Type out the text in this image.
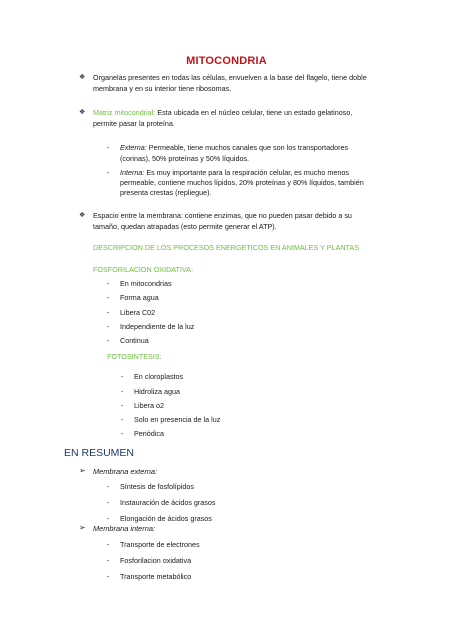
MITOCONDRIA
❖ Organelas presentes en todas las células, envuelven a la base del flagelo, tiene doble
membrana y en su interior tiene ribosomas.
❖ Matriz mitocondrial: Esta ubicada en el núcleo celular, tiene un estado gelatinoso,
permite pasar la proteína.
- Externa: Permeable, tiene muchos canales que son los transportadores
(corinas), 50% proteínas y 50% líquidos.
- Interna: Es muy importante para la respiración celular, es mucho menos
permeable, contiene muchos lípidos, 20% proteínas y 80% líquidos, también
presenta crestas (repliegue).
❖ Espacio entre la membrana: contiene enzimas, que no pueden pasar debido a su
tamaño, quedan atrapadas (esto permite generar el ATP).
DESCRIPCION DE LOS PROCESOS ENERGETICOS EN ANIMALES Y PLANTAS
FOSFORILACION OXIDATIVA:
- En mitocondrias
- Forma agua
- Libera C02
- Independiente de la luz
- Continua
FOTOSINTESIS:
- En cloroplastos
- Hidroliza agua
- Libera o2
- Solo en presencia de la luz
- Periódica
EN RESUMEN
➢ Membrana externa:
- Síntesis de fosfolípidos
- Instauración de ácidos grasos
- Elongación de ácidos grasos
➢ Membrana interna:
- Transporte de electrones
- Fosforilacion oxidativa
- Transporte metabólico
